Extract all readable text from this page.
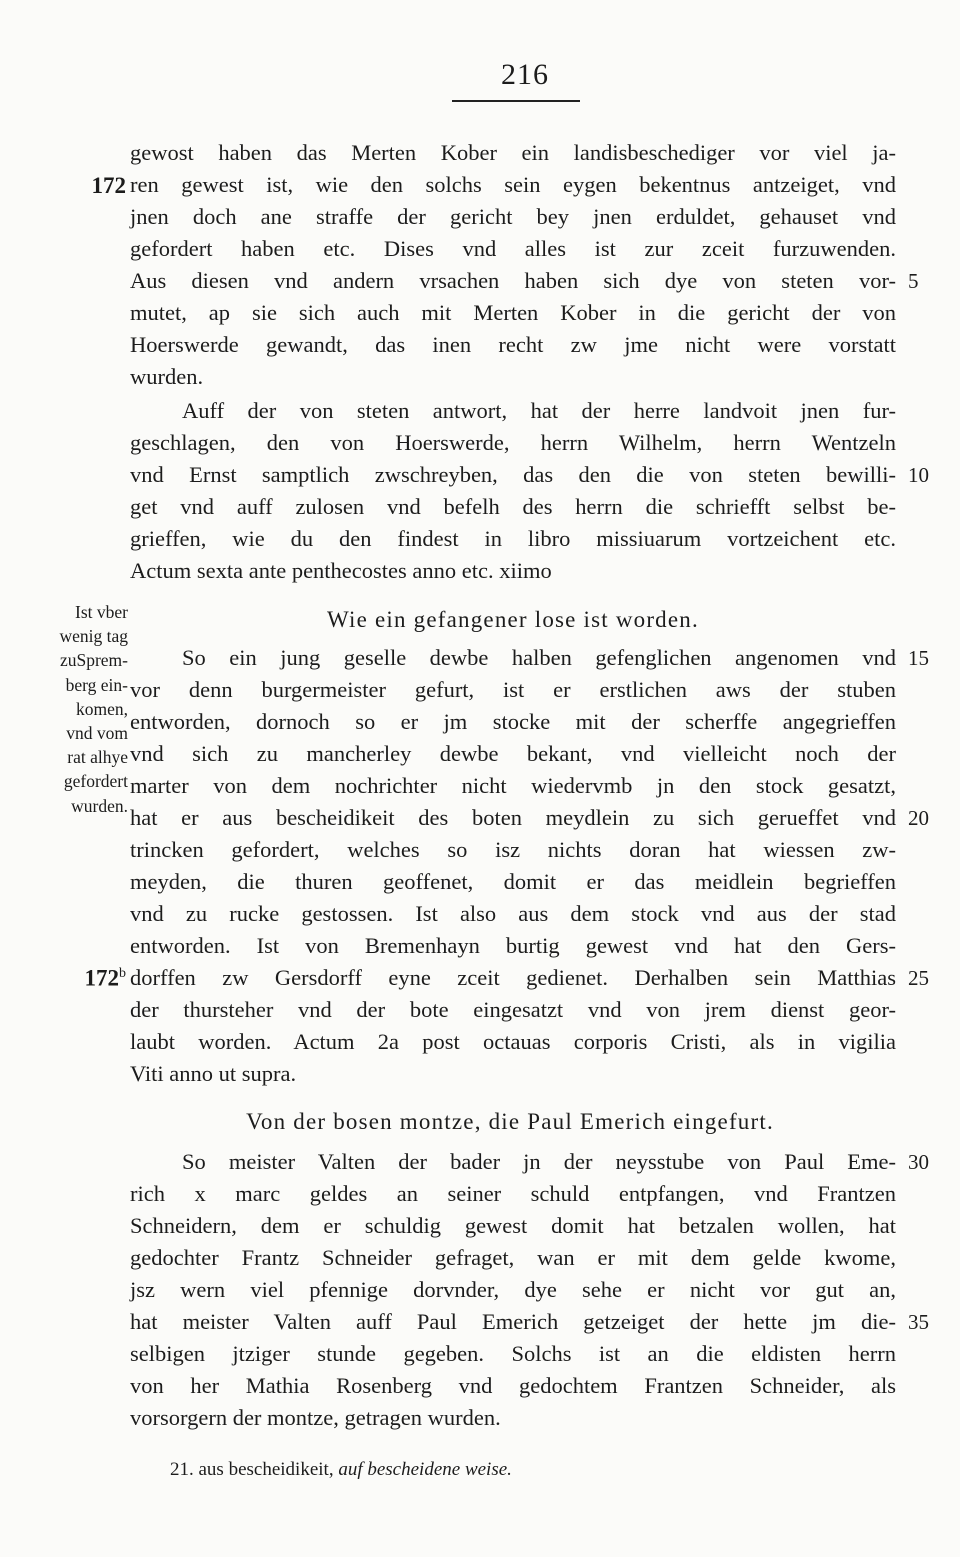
216
172
172$^b$
Ist vber
wenig tag
zuSprem-
berg ein-
komen,
vnd vom
rat alhye
gefordert
wurden.
gewost haben das Merten Kober ein landisbeschediger vor viel ja-
ren gewest ist, wie den solchs sein eygen bekentnus antzeiget, vnd
jnen doch ane straffe der gericht bey jnen erduldet, gehauset vnd
gefordert haben etc. Dises vnd alles ist zur zceit furzuwenden.
Aus diesen vnd andern vrsachen haben sich dye von steten vor-
mutet, ap sie sich auch mit Merten Kober in die gericht der von
Hoerswerde gewandt, das inen recht zw jme nicht were vorstatt
wurden.
Auff der von steten antwort, hat der herre landvoit jnen fur-
geschlagen, den von Hoerswerde, herrn Wilhelm, herrn Wentzeln
vnd Ernst samptlich zwschreyben, das den die von steten bewilli-
get vnd auff zulosen vnd befelh des herrn die schriefft selbst be-
grieffen, wie du den findest in libro missiuarum vortzeichent etc.
Actum sexta ante penthecostes anno etc. xiimo
Wie ein gefangener lose ist worden.
So ein jung geselle dewbe halben gefenglichen angenomen vnd
vor denn burgermeister gefurt, ist er erstlichen aws der stuben
entworden, dornoch so er jm stocke mit der scherffe angegrieffen
vnd sich zu mancherley dewbe bekant, vnd vielleicht noch der
marter von dem nochrichter nicht wiedervmb jn den stock gesatzt,
hat er aus bescheidikeit des boten meydlein zu sich geruеffet vnd
trincken gefordert, welches so isz nichts doran hat wiessen zw-
meyden, die thuren geoffenet, domit er das meidlein begrieffen
vnd zu rucke gestossen. Ist also aus dem stock vnd aus der stad
entworden. Ist von Bremenhayn burtig gewest vnd hat den Gers-
dorffen zw Gersdorff eyne zceit gedienet. Derhalben sein Matthias
der thursteher vnd der bote eingesatzt vnd von jrem dienst geor-
laubt worden. Actum 2a post octauas corporis Cristi, als in vigilia
Viti anno ut supra.
Von der bosen montze, die Paul Emerich eingefurt.
So meister Valten der bader jn der neysstube von Paul Eme-
rich x marc geldes an seiner schuld entpfangen, vnd Frantzen
Schneidern, dem er schuldig gewest domit hat betzalen wollen, hat
gedochter Frantz Schneider gefraget, wan er mit dem gelde kwome,
jsz wern viel pfennige dorvnder, dye sehe er nicht vor gut an,
hat meister Valten auff Paul Emerich getzeiget der hette jm die-
selbigen jtziger stunde gegeben. Solchs ist an die eldisten herrn
von her Mathia Rosenberg vnd gedochtem Frantzen Schneider, als
vorsorgern der montze, getragen wurden.
5
10
15
20
25
30
35
21. aus bescheidikeit, auf bescheidene weise.
